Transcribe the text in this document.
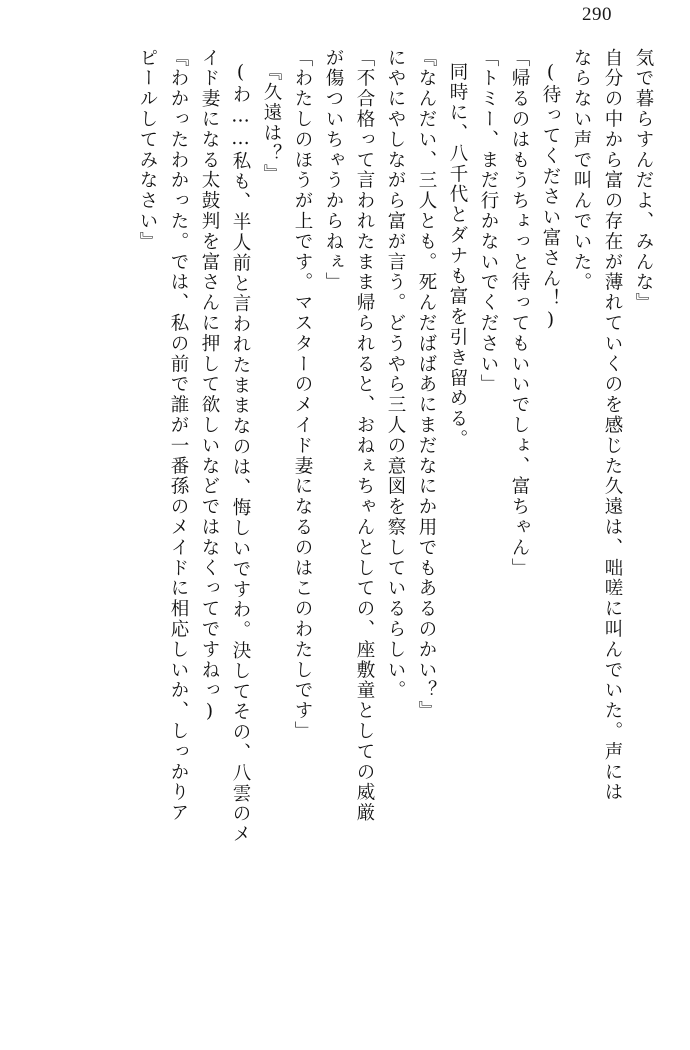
290
気で暮らすんだよ、みんな』
自分の中から富の存在が薄れていくのを感じた久遠は、咄嗟に叫んでいた。声には
ならない声で叫んでいた。
(待ってください富さん！)
「帰るのはもうちょっと待ってもいいでしょ、富ちゃん」
「トミー、まだ行かないでください」
同時に、八千代とダナも富を引き留める。
『なんだい、三人とも。死んだばばあにまだなにか用でもあるのかい？』
にやにやしながら富が言う。どうやら三人の意図を察しているらしい。
「不合格って言われたまま帰られると、おねぇちゃんとしての、座敷童としての威厳
が傷ついちゃうからねぇ」
「わたしのほうが上です。マスターのメイド妻になるのはこのわたしです」
『久遠は？』
(わ……私も、半人前と言われたままなのは、悔しいですわ。決してその、八雲のメ
イド妻になる太鼓判を富さんに押して欲しいなどではなくってですねっ)
『わかったわかった。では、私の前で誰が一番孫のメイドに相応しいか、しっかりア
ピールしてみなさい』
